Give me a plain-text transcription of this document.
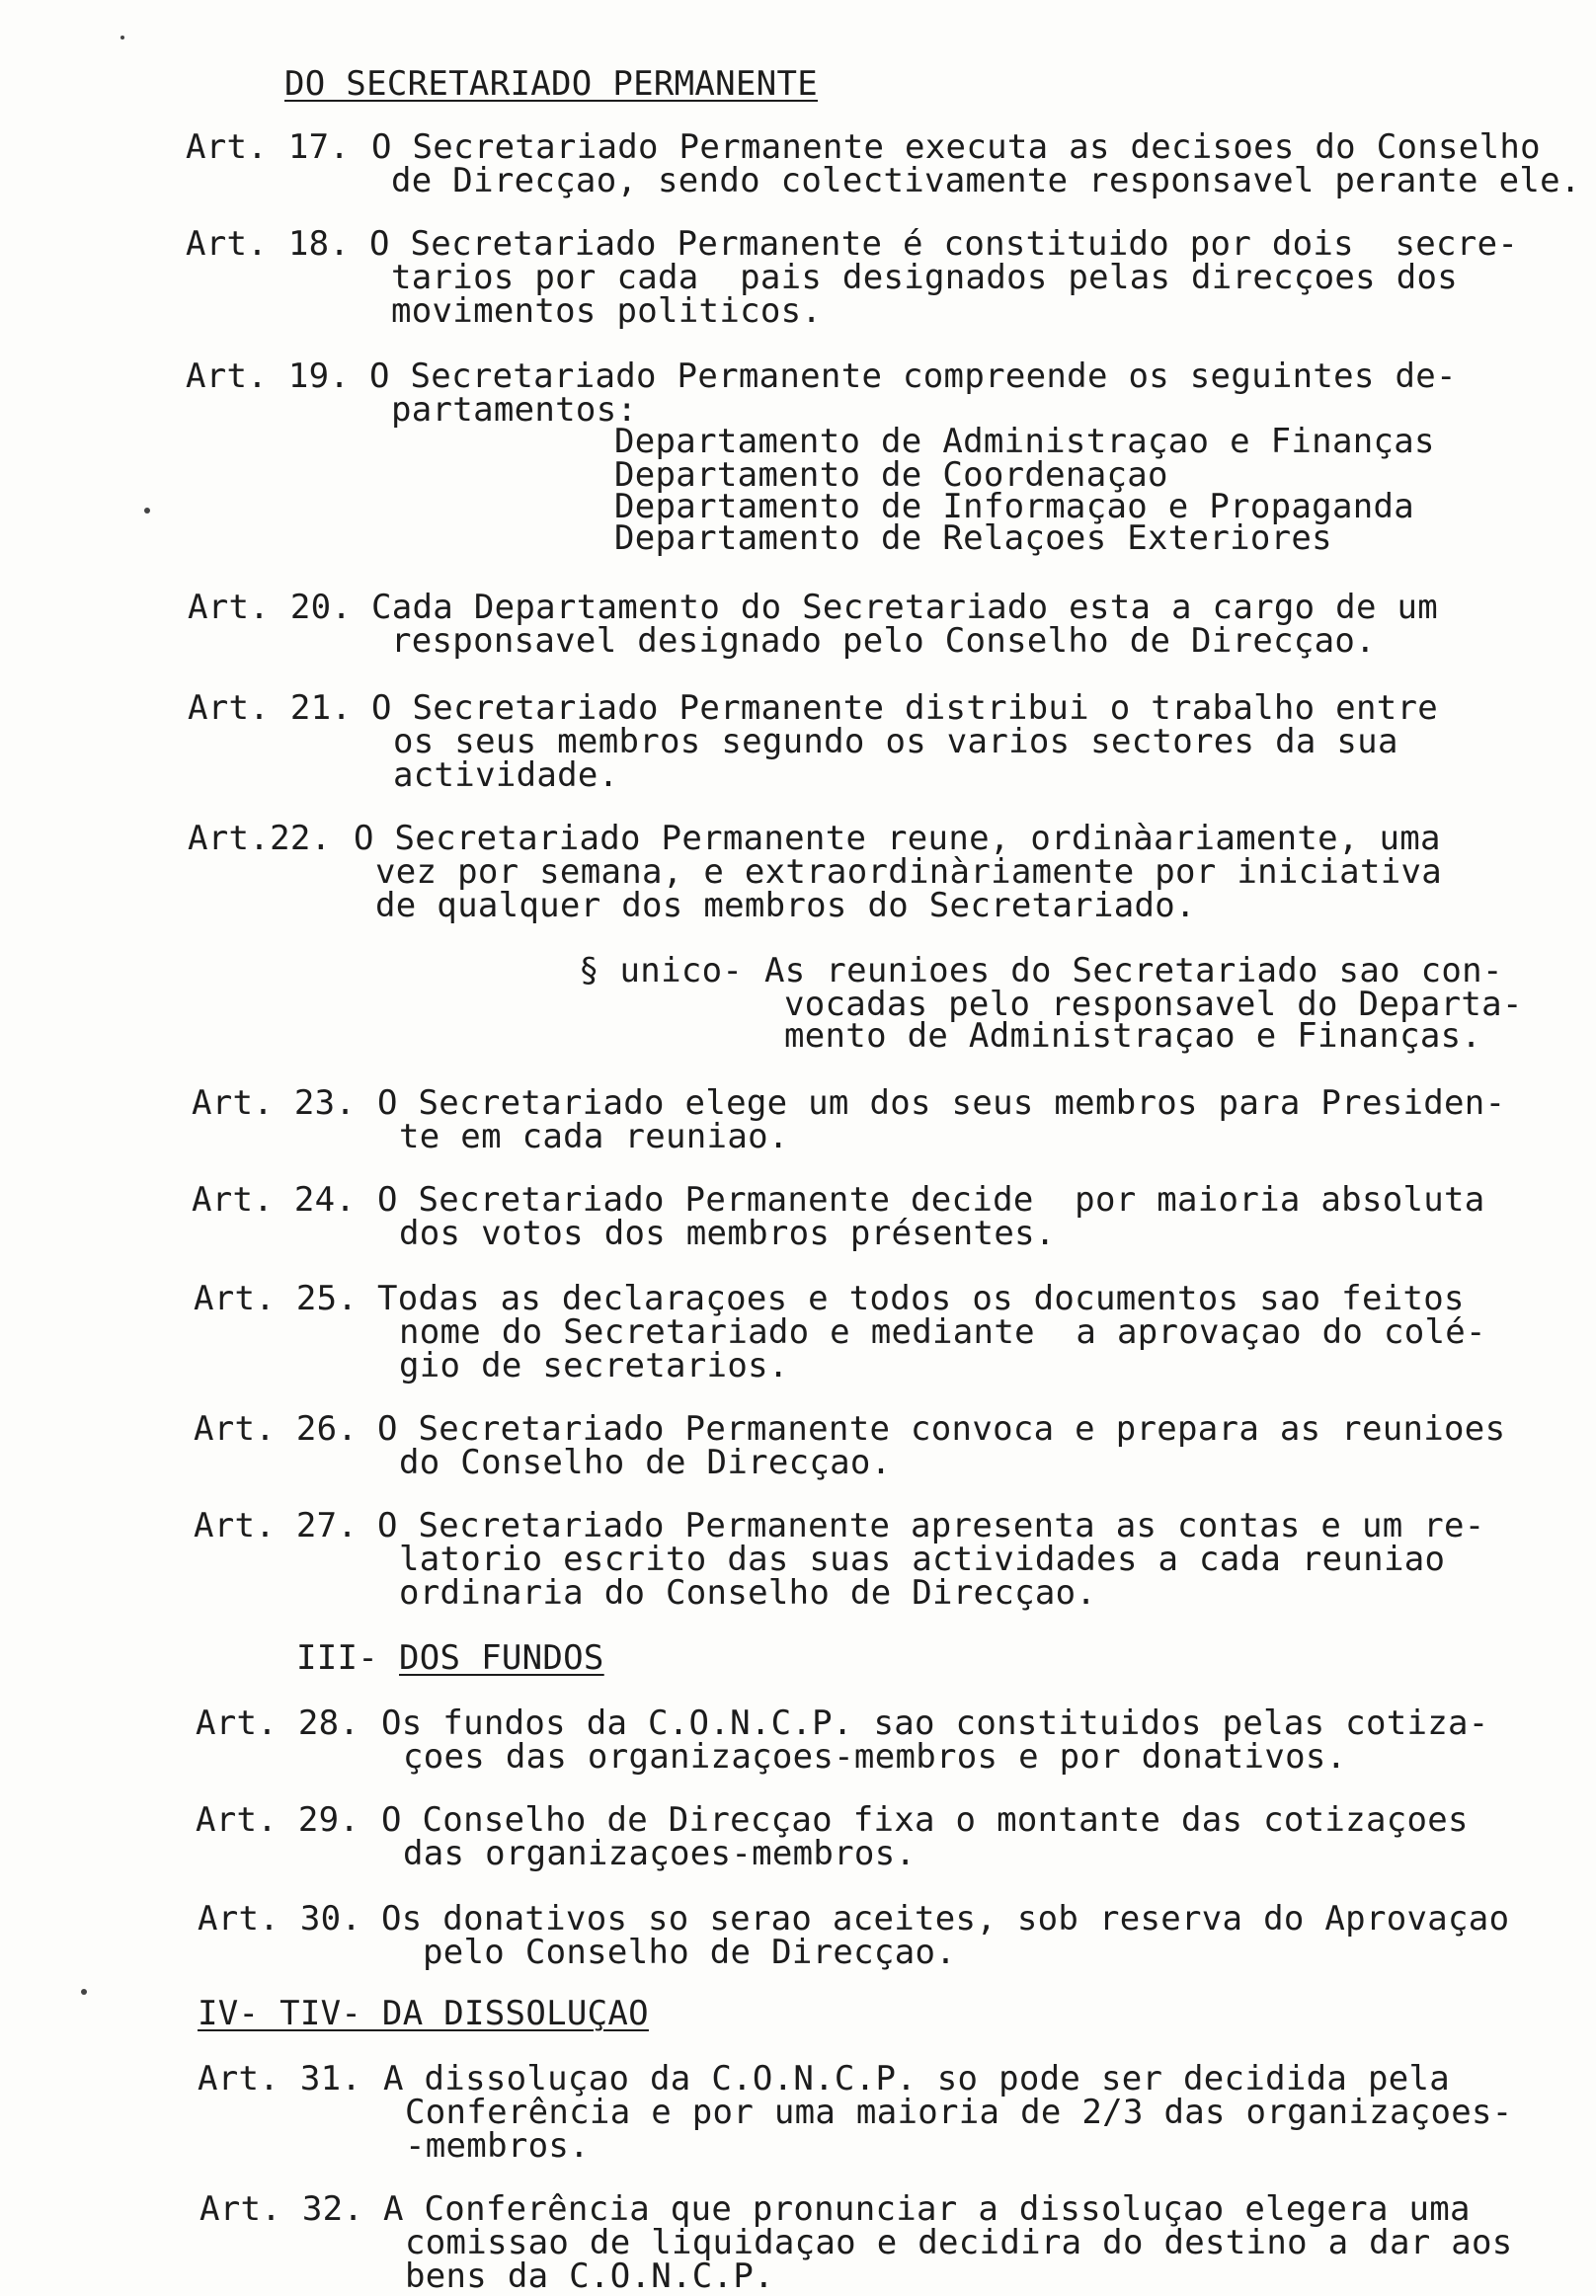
DO SECRETARIADO PERMANENTE
Art. 17. O Secretariado Permanente executa as decisoes do Conselho
de Direcçao, sendo colectivamente responsavel perante ele.
Art. 18. O Secretariado Permanente é constituido por dois  secre-
tarios por cada  pais designados pelas direcçoes dos
movimentos politicos.
Art. 19. O Secretariado Permanente compreende os seguintes de-
partamentos:
Departamento de Administraçao e Finanças
Departamento de Coordenaçao
Departamento de Informaçao e Propaganda
Departamento de Relaçoes Exteriores
Art. 20. Cada Departamento do Secretariado esta a cargo de um
responsavel designado pelo Conselho de Direcçao.
Art. 21. O Secretariado Permanente distribui o trabalho entre
os seus membros segundo os varios sectores da sua
actividade.
Art.22. O Secretariado Permanente reune, ordinàariamente, uma
vez por semana, e extraordinàriamente por iniciativa
de qualquer dos membros do Secretariado.
§ unico- As reunioes do Secretariado sao con-
vocadas pelo responsavel do Departa-
mento de Administraçao e Finanças.
Art. 23. O Secretariado elege um dos seus membros para Presiden-
te em cada reuniao.
Art. 24. O Secretariado Permanente decide  por maioria absoluta
dos votos dos membros présentes.
Art. 25. Todas as declaraçoes e todos os documentos sao feitos
nome do Secretariado e mediante  a aprovaçao do colé-
gio de secretarios.
Art. 26. O Secretariado Permanente convoca e prepara as reunioes
do Conselho de Direcçao.
Art. 27. O Secretariado Permanente apresenta as contas e um re-
latorio escrito das suas actividades a cada reuniao
ordinaria do Conselho de Direcçao.
III- DOS FUNDOS
Art. 28. Os fundos da C.O.N.C.P. sao constituidos pelas cotiza-
çoes das organizaçoes-membros e por donativos.
Art. 29. O Conselho de Direcçao fixa o montante das cotizaçoes
das organizaçoes-membros.
Art. 30. Os donativos so serao aceites, sob reserva do Aprovaçao
pelo Conselho de Direcçao.
IV- TIV- DA DISSOLUÇAO
Art. 31. A dissoluçao da C.O.N.C.P. so pode ser decidida pela
Conferência e por uma maioria de 2/3 das organizaçoes-
-membros.
Art. 32. A Conferência que pronunciar a dissoluçao elegera uma
comissao de liquidaçao e decidira do destino a dar aos
bens da C.O.N.C.P.
